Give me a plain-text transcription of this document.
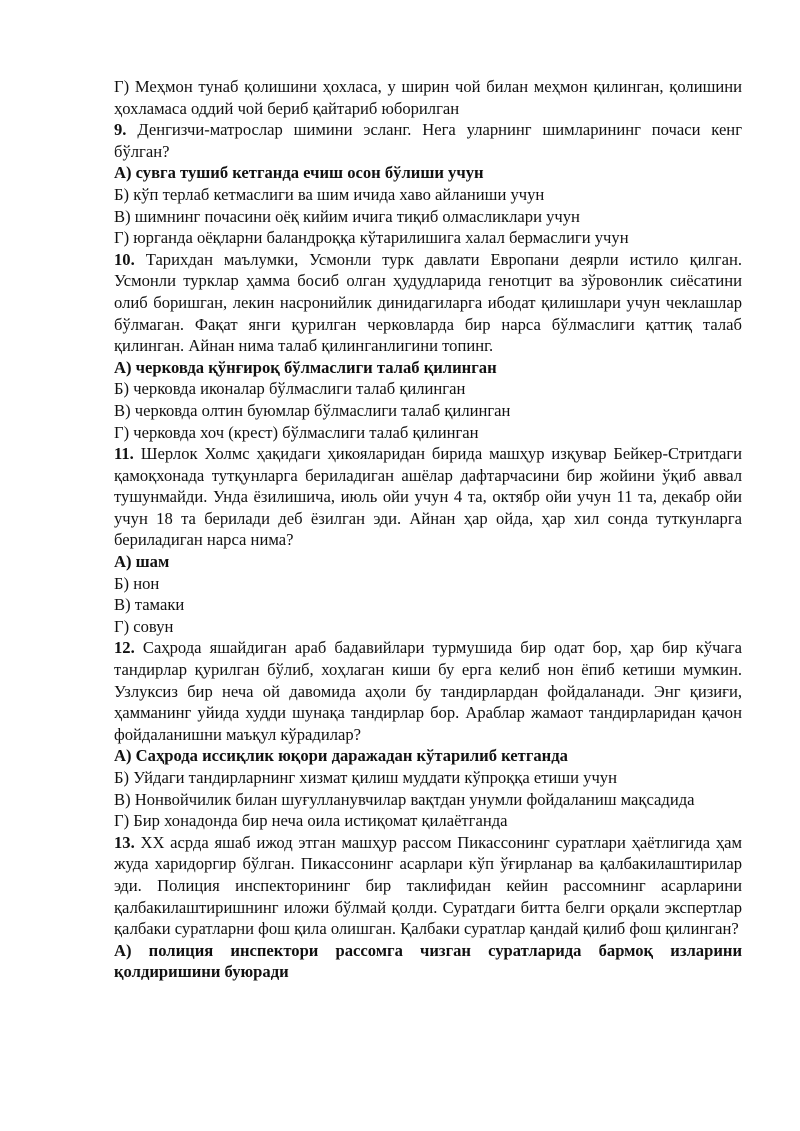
Г) Меҳмон тунаб қолишини ҳохласа, у ширин чой билан меҳмон қилинган, қолишини ҳохламаса оддий чой бериб қайтариб юборилган

9. Денгизчи-матрослар шимини эсланг. Нега уларнинг шимларининг почаси кенг бўлган?

А) сувга тушиб кетганда ечиш осон бўлиши учун

Б) кўп терлаб кетмаслиги ва шим ичида хаво айланиши учун

В) шимнинг почасини оёқ кийим ичига тиқиб олмасликлари учун

Г) юрганда оёқларни баландроққа кўтарилишига халал бермаслиги учун

10. Тарихдан маълумки, Усмонли турк давлати Европани деярли истило қилган. Усмонли турклар ҳамма босиб олган ҳудудларида генотцит ва зўровонлик сиёсатини олиб боришган, лекин насронийлик динидагиларга ибодат қилишлари учун чеклашлар бўлмаган. Фақат янги қурилган черковларда бир нарса бўлмаслиги қаттиқ талаб қилинган. Айнан нима талаб қилинганлигини топинг.

А) черковда қўнғироқ бўлмаслиги талаб қилинган

Б) черковда иконалар бўлмаслиги талаб қилинган

В) черковда олтин буюмлар бўлмаслиги талаб қилинган

Г) черковда хоч (крест) бўлмаслиги талаб қилинган

11. Шерлок Холмс ҳақидаги ҳикояларидан бирида машҳур изқувар Бейкер-Стритдаги қамоқхонада тутқунларга бериладиган ашёлар дафтарчасини бир жойини ўқиб аввал тушунмайди. Унда ёзилишича, июль ойи учун 4 та, октябр ойи учун 11 та, декабр ойи учун 18 та берилади деб ёзилган эди. Айнан ҳар ойда, ҳар хил сонда туткунларга бериладиган нарса нима?

А) шам

Б) нон

В) тамаки

Г) совун

12. Саҳрода яшайдиган араб бадавийлари турмушида бир одат бор, ҳар бир кўчага тандирлар қурилган бўлиб, хоҳлаган киши бу ерга келиб нон ёпиб кетиши мумкин. Узлуксиз бир неча ой давомида аҳоли бу тандирлардан фойдаланади. Энг қизиғи, ҳамманинг уйида худди шунақа тандирлар бор. Араблар жамаот тандирларидан қачон фойдаланишни маъқул кўрадилар?

А) Саҳрода иссиқлик юқори даражадан кўтарилиб кетганда

Б) Уйдаги тандирларнинг хизмат қилиш муддати кўпроққа етиши учун

В) Нонвойчилик билан шуғулланувчилар вақтдан унумли фойдаланиш мақсадида

Г) Бир хонадонда бир неча оила истиқомат қилаётганда

13. XX асрда яшаб ижод этган машҳур рассом Пикассонинг суратлари ҳаётлигида ҳам жуда харидоргир бўлган. Пикассонинг асарлари кўп ўғирланар ва қалбакилаштирилар эди. Полиция инспекторининг бир таклифидан кейин рассомнинг асарларини қалбакилаштиришнинг иложи бўлмай қолди. Суратдаги битта белги орқали экспертлар қалбаки суратларни фош қила олишган. Қалбаки суратлар қандай қилиб фош қилинган?

А) полиция инспектори рассомга чизган суратларида бармоқ изларини қолдиришини буюради
